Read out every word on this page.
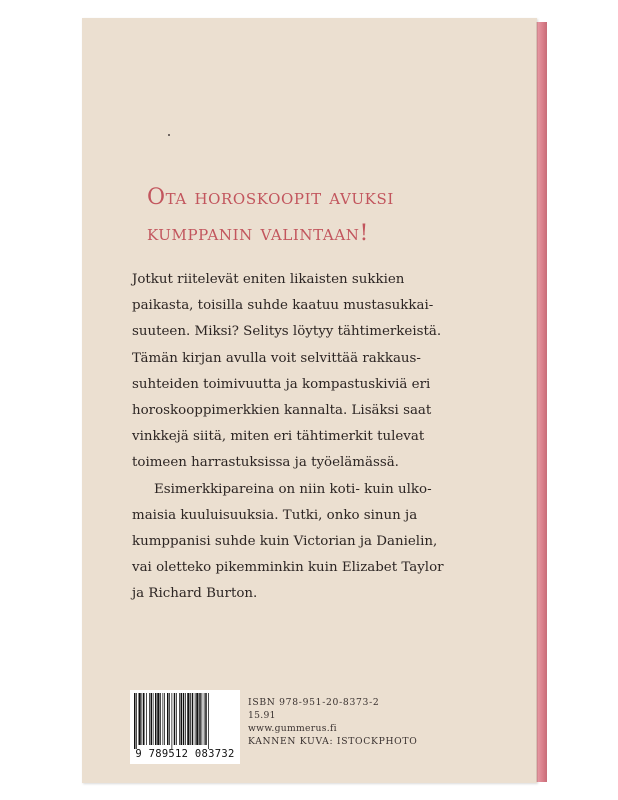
Ota horoskoopit avuksi
kumppanin valintaan!
Jotkut riitelevät eniten likaisten sukkien
paikasta, toisilla suhde kaatuu mustasukkai-
suuteen. Miksi? Selitys löytyy tähtimerkeistä.
Tämän kirjan avulla voit selvittää rakkaus-
suhteiden toimivuutta ja kompastuskiviä eri
horoskooppimerkkien kannalta. Lisäksi saat
vinkkejä siitä, miten eri tähtimerkit tulevat
toimeen harrastuksissa ja työelämässä.
Esimerkkipareina on niin koti- kuin ulko-
maisia kuuluisuuksia. Tutki, onko sinun ja
kumppanisi suhde kuin Victorian ja Danielin,
vai oletteko pikemminkin kuin Elizabet Taylor
ja Richard Burton.
9 789512 083732
ISBN 978-951-20-8373-2
15.91
www.gummerus.fi
KANNEN KUVA: ISTOCKPHOTO
